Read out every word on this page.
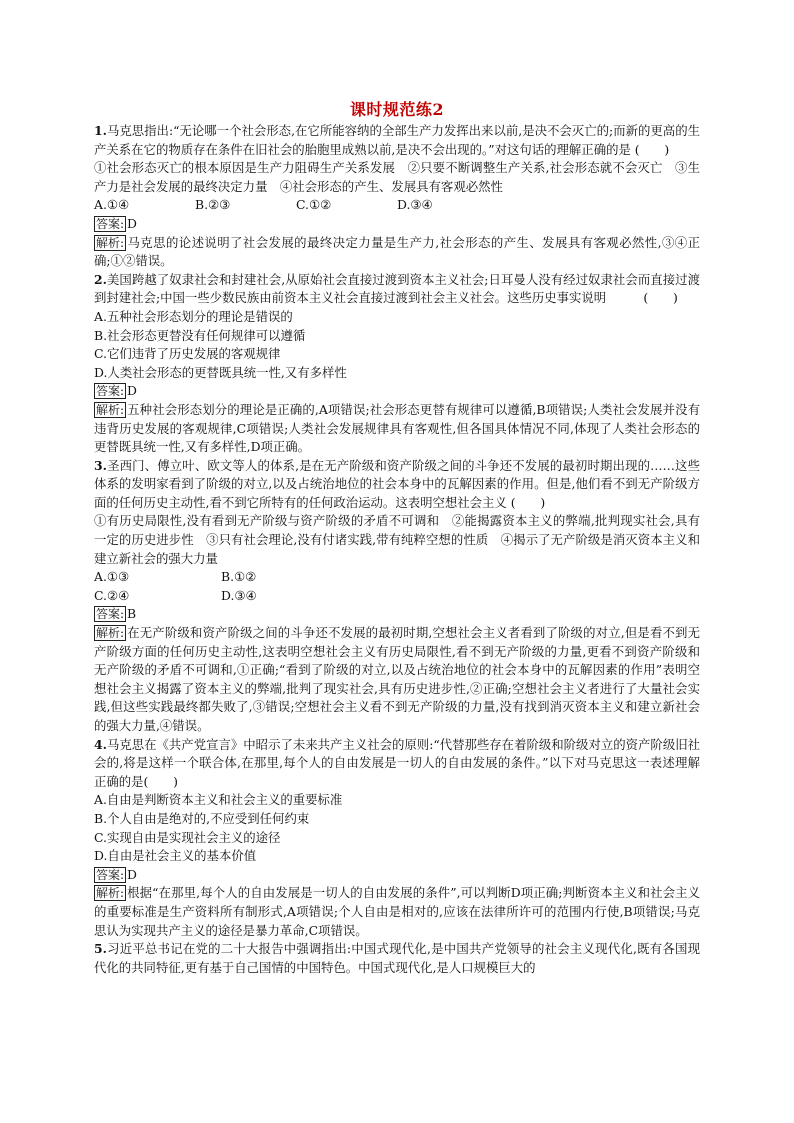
课时规范练2

1.马克思指出:“无论哪一个社会形态,在它所能容纳的全部生产力发挥出来以前,是决不会灭亡的;而新的更高的生产关系在它的物质存在条件在旧社会的胎胞里成熟以前,是决不会出现的。”对这句话的理解正确的是 (　　)

①社会形态灭亡的根本原因是生产力阻碍生产关系发展　②只要不断调整生产关系,社会形态就不会灭亡　③生产力是社会发展的最终决定力量　④社会形态的产生、发展具有客观必然性

A.①④	B.②③	C.①②	D.③④

答案: D

解析: 马克思的论述说明了社会发展的最终决定力量是生产力,社会形态的产生、发展具有客观必然性,③④正确;①②错误。

2.美国跨越了奴隶社会和封建社会,从原始社会直接过渡到资本主义社会;日耳曼人没有经过奴隶社会而直接过渡到封建社会;中国一些少数民族由前资本主义社会直接过渡到社会主义社会。这些历史事实说明　　　(　　)

A.五种社会形态划分的理论是错误的

B.社会形态更替没有任何规律可以遵循

C.它们违背了历史发展的客观规律

D.人类社会形态的更替既具统一性,又有多样性

答案: D

解析: 五种社会形态划分的理论是正确的,A项错误;社会形态更替有规律可以遵循,B项错误;人类社会发展并没有违背历史发展的客观规律,C项错误;人类社会发展规律具有客观性,但各国具体情况不同,体现了人类社会形态的更替既具统一性,又有多样性,D项正确。

3.圣西门、傅立叶、欧文等人的体系,是在无产阶级和资产阶级之间的斗争还不发展的最初时期出现的……这些体系的发明家看到了阶级的对立,以及占统治地位的社会本身中的瓦解因素的作用。但是,他们看不到无产阶级方面的任何历史主动性,看不到它所特有的任何政治运动。这表明空想社会主义 (　　)

①有历史局限性,没有看到无产阶级与资产阶级的矛盾不可调和　②能揭露资本主义的弊端,批判现实社会,具有一定的历史进步性　③只有社会理论,没有付诸实践,带有纯粹空想的性质　④揭示了无产阶级是消灭资本主义和建立新社会的强大力量

A.①③	B.①②
C.②④	D.③④

答案: B

解析: 在无产阶级和资产阶级之间的斗争还不发展的最初时期,空想社会主义者看到了阶级的对立,但是看不到无产阶级方面的任何历史主动性,这表明空想社会主义有历史局限性,看不到无产阶级的力量,更看不到资产阶级和无产阶级的矛盾不可调和,①正确;“看到了阶级的对立,以及占统治地位的社会本身中的瓦解因素的作用”表明空想社会主义揭露了资本主义的弊端,批判了现实社会,具有历史进步性,②正确;空想社会主义者进行了大量社会实践,但这些实践最终都失败了,③错误;空想社会主义看不到无产阶级的力量,没有找到消灭资本主义和建立新社会的强大力量,④错误。

4.马克思在《共产党宣言》中昭示了未来共产主义社会的原则:“代替那些存在着阶级和阶级对立的资产阶级旧社会的,将是这样一个联合体,在那里,每个人的自由发展是一切人的自由发展的条件。”以下对马克思这一表述理解正确的是(　　)

A.自由是判断资本主义和社会主义的重要标准

B.个人自由是绝对的,不应受到任何约束

C.实现自由是实现社会主义的途径

D.自由是社会主义的基本价值

答案: D

解析: 根据“在那里,每个人的自由发展是一切人的自由发展的条件”,可以判断D项正确;判断资本主义和社会主义的重要标准是生产资料所有制形式,A项错误;个人自由是相对的,应该在法律所许可的范围内行使,B项错误;马克思认为实现共产主义的途径是暴力革命,C项错误。

5.习近平总书记在党的二十大报告中强调指出:中国式现代化,是中国共产党领导的社会主义现代化,既有各国现代化的共同特征,更有基于自己国情的中国特色。中国式现代化,是人口规模巨大的
